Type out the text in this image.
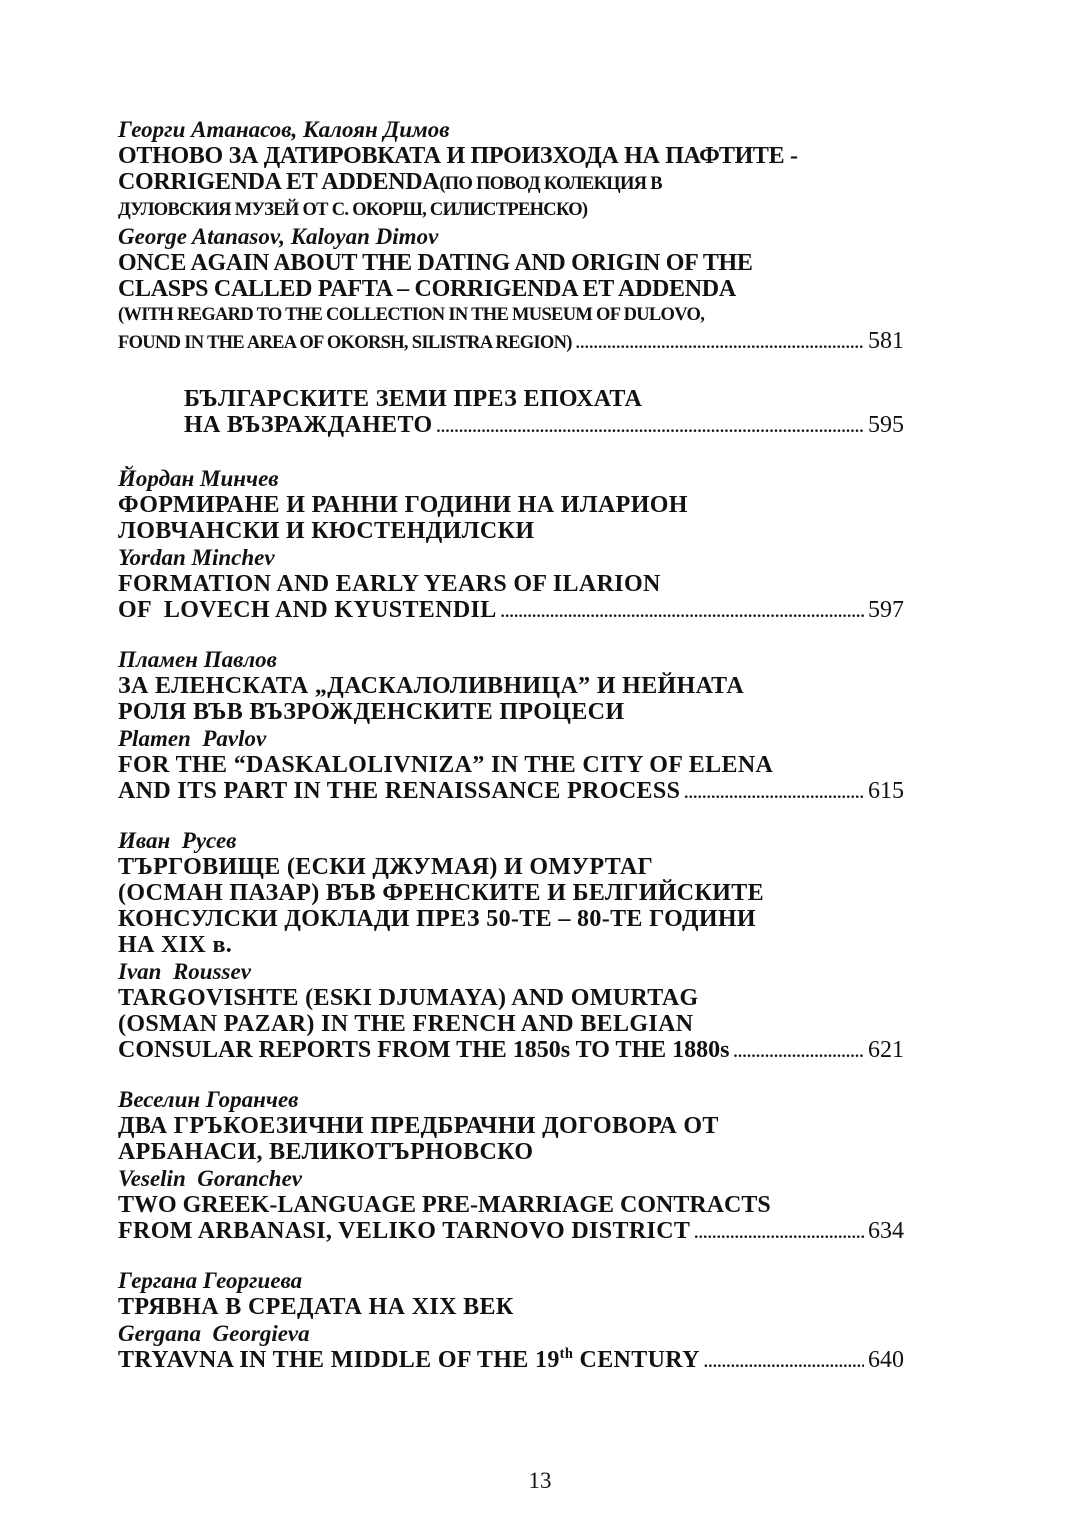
Георги Атанасов, Калоян Димов
ОТНОВО ЗА ДАТИРОВКАТА И ПРОИЗХОДА НА ПАФТИТЕ -
CORRIGENDA ET ADDENDA (ПО ПОВОД КОЛЕКЦИЯ В
ДУЛОВСКИЯ МУЗЕЙ ОТ С. ОКОРШ, СИЛИСТРЕНСКО)
George Atanasov, Kaloyan Dimov
ONCE AGAIN ABOUT THE DATING AND ORIGIN OF THE
CLASPS CALLED PAFTA – CORRIGENDA ET ADDENDA
(WITH REGARD TO THE COLLECTION IN THE MUSEUM OF DULOVO,
FOUND IN THE AREA OF OKORSH, SILISTRA REGION) .....	581
БЪЛГАРСКИТЕ ЗЕМИ ПРЕЗ ЕПОХАТА
НА ВЪЗРАЖДАНЕТО .....	595
Йордан Минчев
ФОРМИРАНЕ И РАННИ ГОДИНИ НА ИЛАРИОН
ЛОВЧАНСКИ И КЮСТЕНДИЛСКИ
Yordan Minchev
FORMATION AND EARLY YEARS OF ILARION
OF  LOVECH AND KYUSTENDIL .....	597
Пламен Павлов
ЗА ЕЛЕНСКАТА „ДАСКАЛОЛИВНИЦА” И НЕЙНАТА
РОЛЯ ВЪВ ВЪЗРОЖДЕНСКИТЕ ПРОЦЕСИ
Plamen  Pavlov
FOR THE “DASKALOLIVNIZA” IN THE CITY OF ELENA
AND ITS PART IN THE RENAISSANCE PROCESS .....	615
Иван  Русев
ТЪРГОВИЩЕ (ЕСКИ ДЖУМАЯ) И ОМУРТАГ
(ОСМАН ПАЗАР) ВЪВ ФРЕНСКИТЕ И БЕЛГИЙСКИТЕ
КОНСУЛСКИ ДОКЛАДИ ПРЕЗ 50-ТЕ – 80-ТЕ ГОДИНИ
НА XIX в.
Ivan  Roussev
TARGOVISHTE (ESKI DJUMAYA) AND OMURTAG
(OSMAN PAZAR) IN THE FRENCH AND BELGIAN
CONSULAR REPORTS FROM THE 1850s TO THE 1880s .....	621
Веселин Горанчев
ДВА ГРЪКОЕЗИЧНИ ПРЕДБРАЧНИ ДОГОВОРА ОТ
АРБАНАСИ, ВЕЛИКОТЪРНОВСКО
Veselin  Goranchev
TWO GREEK-LANGUAGE PRE-MARRIAGE CONTRACTS
FROM ARBANASI, VELIKO TARNOVO DISTRICT .....	634
Гергана Георгиева
ТРЯВНА В СРЕДАТА НА XIX ВЕК
Gergana  Georgieva
TRYAVNA IN THE MIDDLE OF THE 19th CENTURY .....	640
13
